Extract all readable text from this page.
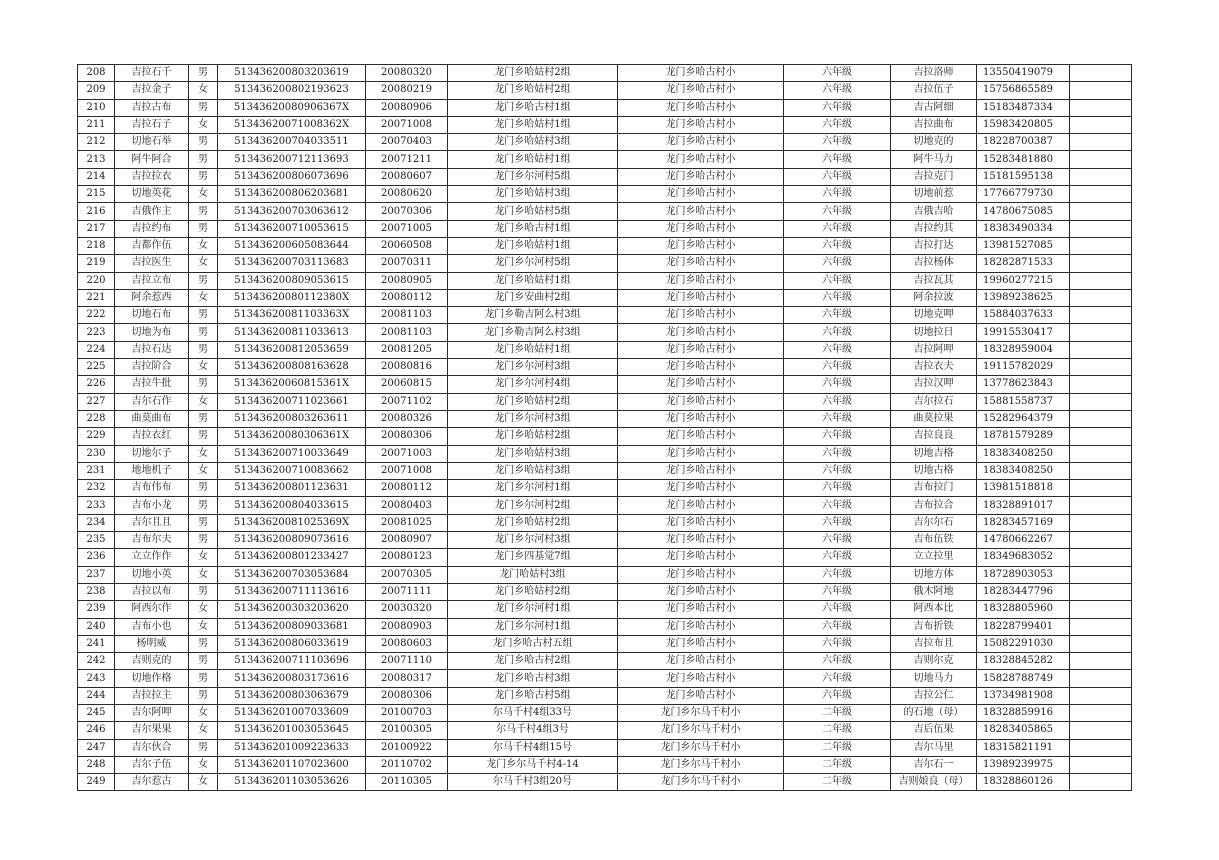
208	吉拉石千	男	513436200803203619	20080320	龙门乡哈姑村2组	龙门乡哈古村小	六年级	吉拉洛师	13550419079	
209	吉拉金子	女	513436200802193623	20080219	龙门乡哈姑村2组	龙门乡哈古村小	六年级	吉拉伍子	15756865589	
210	吉拉古布	男	51343620080906367X	20080906	龙门乡哈古村1组	龙门乡哈古村小	六年级	吉古阿细	15183487334	
211	吉拉石子	女	51343620071008362X	20071008	龙门乡哈姑村1组	龙门乡哈古村小	六年级	吉拉曲布	15983420805	
212	切地石举	男	513436200704033511	20070403	龙门乡哈姑村3组	龙门乡哈古村小	六年级	切地克的	18228700387	
213	阿牛阿合	男	513436200712113693	20071211	龙门乡哈姑村1组	龙门乡哈古村小	六年级	阿牛马力	15283481880	
214	吉拉拉衣	男	513436200806073696	20080607	龙门乡尔河村5组	龙门乡哈古村小	六年级	吉拉克门	15181595138	
215	切地英花	女	513436200806203681	20080620	龙门乡哈姑村3组	龙门乡哈古村小	六年级	切地前惹	17766779730	
216	吉俄作主	男	513436200703063612	20070306	龙门乡哈姑村5组	龙门乡哈古村小	六年级	吉俄吉哈	14780675085	
217	吉拉约布	男	513436200710053615	20071005	龙门乡哈古村1组	龙门乡哈古村小	六年级	吉拉约其	18383490334	
218	吉都作伍	女	513436200605083644	20060508	龙门乡哈姑村1组	龙门乡哈古村小	六年级	吉拉打达	13981527085	
219	吉拉医生	女	513436200703113683	20070311	龙门乡尔河村5组	龙门乡哈古村小	六年级	吉拉杨体	18282871533	
220	吉拉立布	男	513436200809053615	20080905	龙门乡哈姑村1组	龙门乡哈古村小	六年级	吉拉瓦其	19960277215	
221	阿余惹西	女	51343620080112380X	20080112	龙门乡安曲村2组	龙门乡哈古村小	六年级	阿余拉波	13989238625	
222	切地石布	男	51343620081103363X	20081103	龙门乡勒吉阿么村3组	龙门乡哈古村小	六年级	切地克呷	15884037633	
223	切地为布	男	513436200811033613	20081103	龙门乡勒吉阿么村3组	龙门乡哈古村小	六年级	切地拉日	19915530417	
224	吉拉石达	男	513436200812053659	20081205	龙门乡哈姑村1组	龙门乡哈古村小	六年级	吉拉阿呷	18328959004	
225	吉拉阶合	女	513436200808163628	20080816	龙门乡尔河村3组	龙门乡哈古村小	六年级	吉拉衣夫	19115782029	
226	吉拉牛批	男	51343620060815361X	20060815	龙门乡尔河村4组	龙门乡哈古村小	六年级	吉拉汉呷	13778623843	
227	吉尔石作	女	513436200711023661	20071102	龙门乡哈姑村2组	龙门乡哈古村小	六年级	吉尔拉石	15881558737	
228	曲莫曲布	男	513436200803263611	20080326	龙门乡尔河村3组	龙门乡哈古村小	六年级	曲莫拉果	15282964379	
229	吉拉衣红	男	51343620080306361X	20080306	龙门乡哈姑村2组	龙门乡哈古村小	六年级	吉拉良良	18781579289	
230	切地尔子	女	513436200710033649	20071003	龙门乡哈姑村3组	龙门乡哈古村小	六年级	切地吉格	18383408250	
231	地地机子	女	513436200710083662	20071008	龙门乡哈姑村3组	龙门乡哈古村小	六年级	切地古格	18383408250	
232	吉布伟布	男	513436200801123631	20080112	龙门乡尔河村1组	龙门乡哈古村小	六年级	吉布拉门	13981518818	
233	吉布小龙	男	513436200804033615	20080403	龙门乡尔河村2组	龙门乡哈古村小	六年级	吉布拉合	18328891017	
234	吉尔且且	男	51343620081025369X	20081025	龙门乡哈姑村2组	龙门乡哈古村小	六年级	吉尔尔石	18283457169	
235	吉布尔夫	男	513436200809073616	20080907	龙门乡尔河村3组	龙门乡哈古村小	六年级	吉布伍铁	14780662267	
236	立立作作	女	513436200801233427	20080123	龙门乡四基觉7组	龙门乡哈古村小	六年级	立立拉里	18349683052	
237	切地小英	女	513436200703053684	20070305	龙门哈姑村3组	龙门乡哈古村小	六年级	切地方体	18728903053	
238	吉拉以布	男	513436200711113616	20071111	龙门乡哈姑村2组	龙门乡哈古村小	六年级	俄木阿地	18283447796	
239	阿西尔作	女	513436200303203620	20030320	龙门乡尔河村1组	龙门乡哈古村小	六年级	阿西本比	18328805960	
240	吉布小也	女	513436200809033681	20080903	龙门乡尔河村1组	龙门乡哈古村小	六年级	吉布折铁	18228799401	
241	杨明威	男	513436200806033619	20080603	龙门乡哈古村五组	龙门乡哈古村小	六年级	吉拉布且	15082291030	
242	吉则克的	男	513436200711103696	20071110	龙门乡哈古村2组	龙门乡哈古村小	六年级	吉则尔克	18328845282	
243	切地作格	男	513436200803173616	20080317	龙门乡哈古村3组	龙门乡哈古村小	六年级	切地马力	15828788749	
244	吉拉拉主	男	513436200803063679	20080306	龙门乡哈古村5组	龙门乡哈古村小	六年级	吉拉公仁	13734981908	
245	吉尔阿呷	女	513436201007033609	20100703	尔马千村4组33号	龙门乡尔马千村小	二年级	的石地（母）	18328859916	
246	吉尔果果	女	513436201003053645	20100305	尔马千村4组3号	龙门乡尔马千村小	二年级	吉后伍果	18283405865	
247	吉尔伙合	男	513436201009223633	20100922	尔马千村4组15号	龙门乡尔马千村小	二年级	吉尔马里	18315821191	
248	吉尔子伍	女	513436201107023600	20110702	龙门乡尔马千村4-14	龙门乡尔马千村小	二年级	吉尔石一	13989239975	
249	吉尔惹古	女	513436201103053626	20110305	尔马千村3组20号	龙门乡尔马千村小	二年级	吉则娘良（母）	18328860126	
